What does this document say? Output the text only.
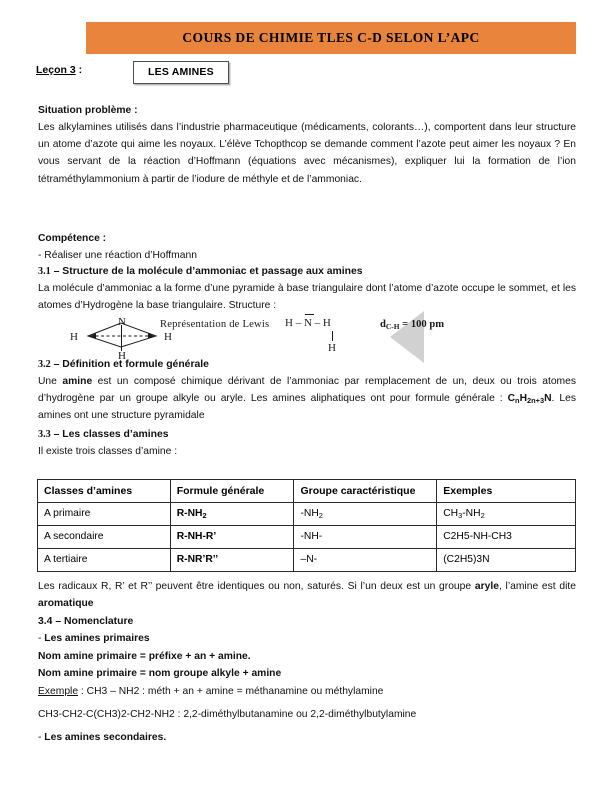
COURS DE CHIMIE TLES C-D SELON L’APC
Leçon 3 :	LES AMINES
Situation problème :
Les alkylamines utilisés dans l’industrie pharmaceutique (médicaments, colorants…), comportent dans leur structure un atome d’azote qui aime les noyaux. L’élève Tchopthcop se demande comment l’azote peut aimer les noyaux ? En vous servant de la réaction d’Hoffmann (équations avec mécanismes), expliquer lui la formation de l’ion tétraméthylammonium à partir de l’iodure de méthyle et de l’ammoniac.
Compétence :
- Réaliser une réaction d’Hoffmann
3.1 – Structure de la molécule d’ammoniac et passage aux amines
La molécule d’ammoniac a la forme d’une pyramide à base triangulaire dont l’atome d’azote occupe le sommet, et les atomes d’Hydrogène la base triangulaire. Structure :
H	H
N
H
Représentation de Lewis H – N – H
H
$d_{C-H} = 100$ pm
3.2 – Définition et formule générale
Une amine est un composé chimique dérivant de l’ammoniac par remplacement de un, deux ou trois atomes d’hydrogène par un groupe alkyle ou aryle. Les amines aliphatiques ont pour formule générale : $C_nH_{2n+3}N$. Les amines ont une structure pyramidale
3.3 – Les classes d’amines
Il existe trois classes d’amine :
Classes d’amines	Formule générale	Groupe caractéristique	Exemples
A primaire	$R-NH_2$	$-NH_2$	$CH_3-NH_2$
A secondaire	R-NH-R’	-NH-	C2H5-NH-CH3
A tertiaire	R-NR’R’’	–N-	(C2H5)3N
Les radicaux R, R’ et R’’ peuvent être identiques ou non, saturés. Si l’un deux est un groupe aryle, l’amine est dite aromatique
3.4 – Nomenclature
- Les amines primaires
Nom amine primaire = préfixe + an + amine.
Nom amine primaire = nom groupe alkyle + amine
Exemple : CH3 – NH2 : méth + an + amine = méthanamine ou méthylamine
CH3-CH2-C(CH3)2-CH2-NH2 : 2,2-diméthylbutanamine ou 2,2-diméthylbutylamine
- Les amines secondaires.
